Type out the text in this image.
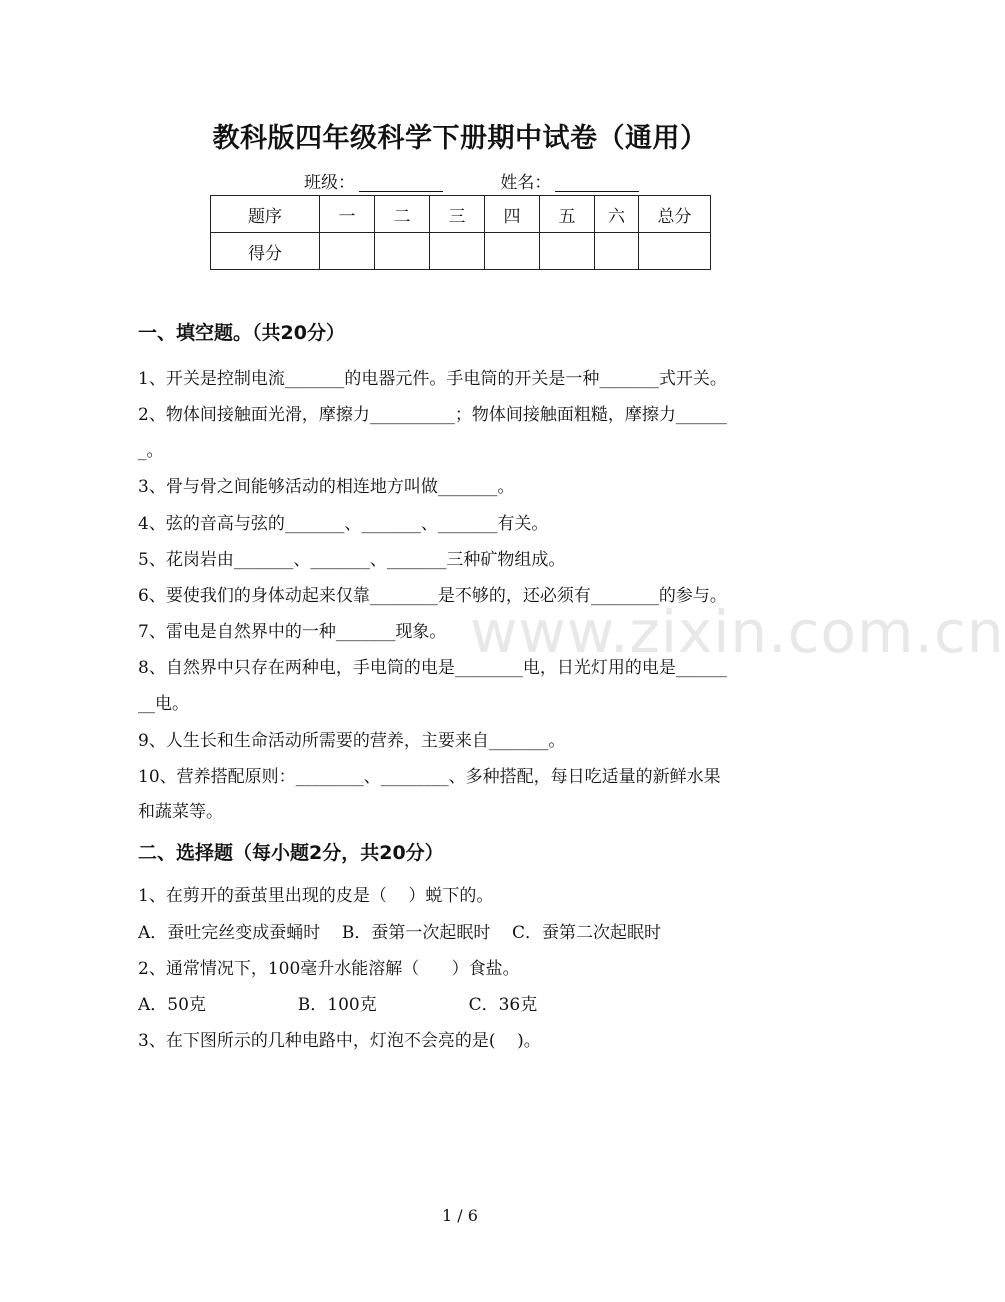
www.zixin.com.cn
教科版四年级科学下册期中试卷（通用）
班级：	姓名：
题序	一	二	三	四	五	六	总分
得分							
一、填空题。（共20分）
1、开关是控制电流_______的电器元件。手电筒的开关是一种_______式开关。
2、物体间接触面光滑，摩擦力__________；物体间接触面粗糙，摩擦力______
_。
3、骨与骨之间能够活动的相连地方叫做_______。
4、弦的音高与弦的_______、_______、_______有关。
5、花岗岩由_______、_______、_______三种矿物组成。
6、要使我们的身体动起来仅靠________是不够的，还必须有________的参与。
7、雷电是自然界中的一种_______现象。
8、自然界中只存在两种电，手电筒的电是________电，日光灯用的电是______
__电。
9、人生长和生命活动所需要的营养，主要来自_______。
10、营养搭配原则：________、________、多种搭配，每日吃适量的新鲜水果
和蔬菜等。
二、选择题（每小题2分，共20分）
1、在剪开的蚕茧里出现的皮是（    ）蜕下的。
A．蚕吐完丝变成蚕蛹时    B．蚕第一次起眠时    C．蚕第二次起眠时
2、通常情况下，100毫升水能溶解（      ）食盐。
A．50克                 B．100克                 C．36克
3、在下图所示的几种电路中，灯泡不会亮的是(    )。
1 / 6
